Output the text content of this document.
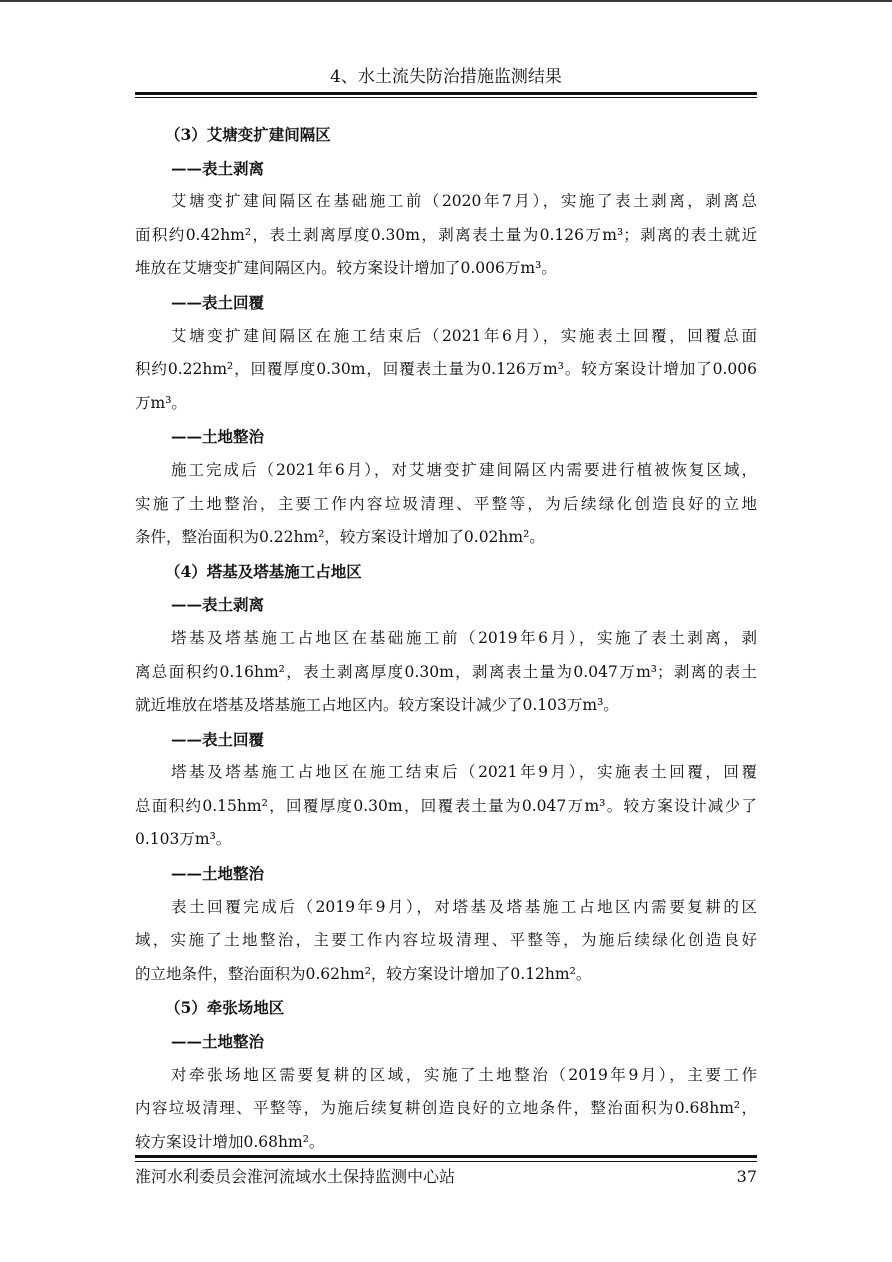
4、水土流失防治措施监测结果
（3）艾塘变扩建间隔区
——表土剥离
艾塘变扩建间隔区在基础施工前（2020年7月），实施了表土剥离，剥离总
面积约0.42hm²，表土剥离厚度0.30m，剥离表土量为0.126万m³；剥离的表土就近
堆放在艾塘变扩建间隔区内。较方案设计增加了0.006万m³。
——表土回覆
艾塘变扩建间隔区在施工结束后（2021年6月），实施表土回覆，回覆总面
积约0.22hm²，回覆厚度0.30m，回覆表土量为0.126万m³。较方案设计增加了0.006
万m³。
——土地整治
施工完成后（2021年6月），对艾塘变扩建间隔区内需要进行植被恢复区域，
实施了土地整治，主要工作内容垃圾清理、平整等，为后续绿化创造良好的立地
条件，整治面积为0.22hm²，较方案设计增加了0.02hm²。
（4）塔基及塔基施工占地区
——表土剥离
塔基及塔基施工占地区在基础施工前（2019年6月），实施了表土剥离，剥
离总面积约0.16hm²，表土剥离厚度0.30m，剥离表土量为0.047万m³；剥离的表土
就近堆放在塔基及塔基施工占地区内。较方案设计减少了0.103万m³。
——表土回覆
塔基及塔基施工占地区在施工结束后（2021年9月），实施表土回覆，回覆
总面积约0.15hm²，回覆厚度0.30m，回覆表土量为0.047万m³。较方案设计减少了
0.103万m³。
——土地整治
表土回覆完成后（2019年9月），对塔基及塔基施工占地区内需要复耕的区
域，实施了土地整治，主要工作内容垃圾清理、平整等，为施后续绿化创造良好
的立地条件，整治面积为0.62hm²，较方案设计增加了0.12hm²。
（5）牵张场地区
——土地整治
对牵张场地区需要复耕的区域，实施了土地整治（2019年9月），主要工作
内容垃圾清理、平整等，为施后续复耕创造良好的立地条件，整治面积为0.68hm²，
较方案设计增加0.68hm²。
淮河水利委员会淮河流域水土保持监测中心站	37
